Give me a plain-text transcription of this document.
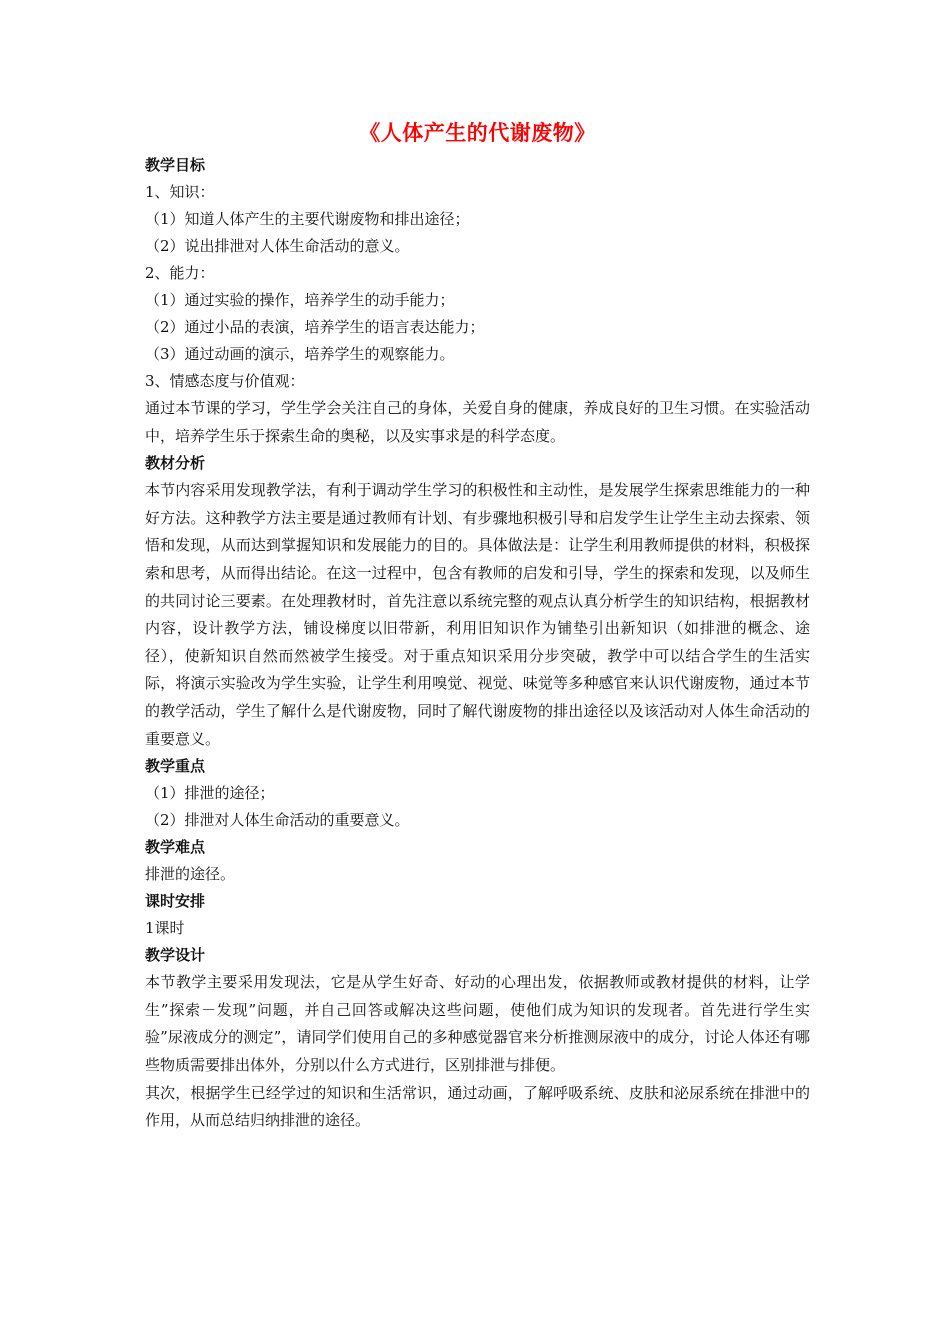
《人体产生的代谢废物》
教学目标
1、知识：
（1）知道人体产生的主要代谢废物和排出途径；
（2）说出排泄对人体生命活动的意义。
2、能力：
（1）通过实验的操作，培养学生的动手能力；
（2）通过小品的表演，培养学生的语言表达能力；
（3）通过动画的演示，培养学生的观察能力。
3、情感态度与价值观：

通过本节课的学习，学生学会关注自己的身体，关爱自身的健康，养成良好的卫生习惯。在实验活动中，培养学生乐于探索生命的奥秘，以及实事求是的科学态度。

教材分析

本节内容采用发现教学法，有利于调动学生学习的积极性和主动性，是发展学生探索思维能力的一种好方法。这种教学方法主要是通过教师有计划、有步骤地积极引导和启发学生让学生主动去探索、领悟和发现，从而达到掌握知识和发展能力的目的。具体做法是：让学生利用教师提供的材料，积极探索和思考，从而得出结论。在这一过程中，包含有教师的启发和引导，学生的探索和发现，以及师生的共同讨论三要素。在处理教材时，首先注意以系统完整的观点认真分析学生的知识结构，根据教材内容，设计教学方法，铺设梯度以旧带新，利用旧知识作为铺垫引出新知识（如排泄的概念、途径），使新知识自然而然被学生接受。对于重点知识采用分步突破，教学中可以结合学生的生活实际，将演示实验改为学生实验，让学生利用嗅觉、视觉、味觉等多种感官来认识代谢废物，通过本节的教学活动，学生了解什么是代谢废物，同时了解代谢废物的排出途径以及该活动对人体生命活动的重要意义。

教学重点
（1）排泄的途径；
（2）排泄对人体生命活动的重要意义。
教学难点
排泄的途径。
课时安排
1课时
教学设计

本节教学主要采用发现法，它是从学生好奇、好动的心理出发，依据教师或教材提供的材料，让学生”探索－发现”问题，并自己回答或解决这些问题，使他们成为知识的发现者。首先进行学生实验”尿液成分的测定”，请同学们使用自己的多种感觉器官来分析推测尿液中的成分，讨论人体还有哪些物质需要排出体外，分别以什么方式进行，区别排泄与排便。

其次，根据学生已经学过的知识和生活常识，通过动画，了解呼吸系统、皮肤和泌尿系统在排泄中的作用，从而总结归纳排泄的途径。
